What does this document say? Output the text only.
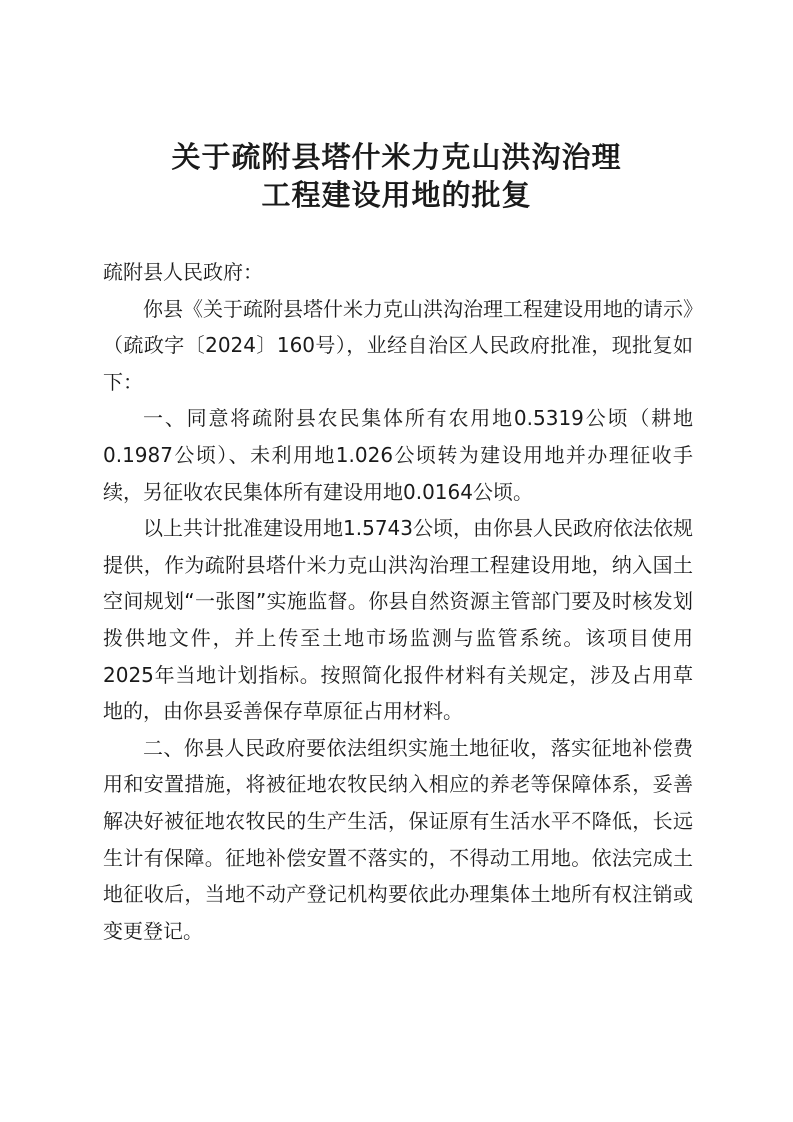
关于疏附县塔什米力克山洪沟治理
工程建设用地的批复

疏附县人民政府：

你县《关于疏附县塔什米力克山洪沟治理工程建设用地的请示》（疏政字〔2024〕160号），业经自治区人民政府批准，现批复如下：

一、同意将疏附县农民集体所有农用地0.5319公顷（耕地0.1987公顷）、未利用地1.026公顷转为建设用地并办理征收手续，另征收农民集体所有建设用地0.0164公顷。

以上共计批准建设用地1.5743公顷，由你县人民政府依法依规提供，作为疏附县塔什米力克山洪沟治理工程建设用地，纳入国土空间规划“一张图”实施监督。你县自然资源主管部门要及时核发划拨供地文件，并上传至土地市场监测与监管系统。该项目使用2025年当地计划指标。按照简化报件材料有关规定，涉及占用草地的，由你县妥善保存草原征占用材料。

二、你县人民政府要依法组织实施土地征收，落实征地补偿费用和安置措施，将被征地农牧民纳入相应的养老等保障体系，妥善解决好被征地农牧民的生产生活，保证原有生活水平不降低，长远生计有保障。征地补偿安置不落实的，不得动工用地。依法完成土地征收后，当地不动产登记机构要依此办理集体土地所有权注销或变更登记。
